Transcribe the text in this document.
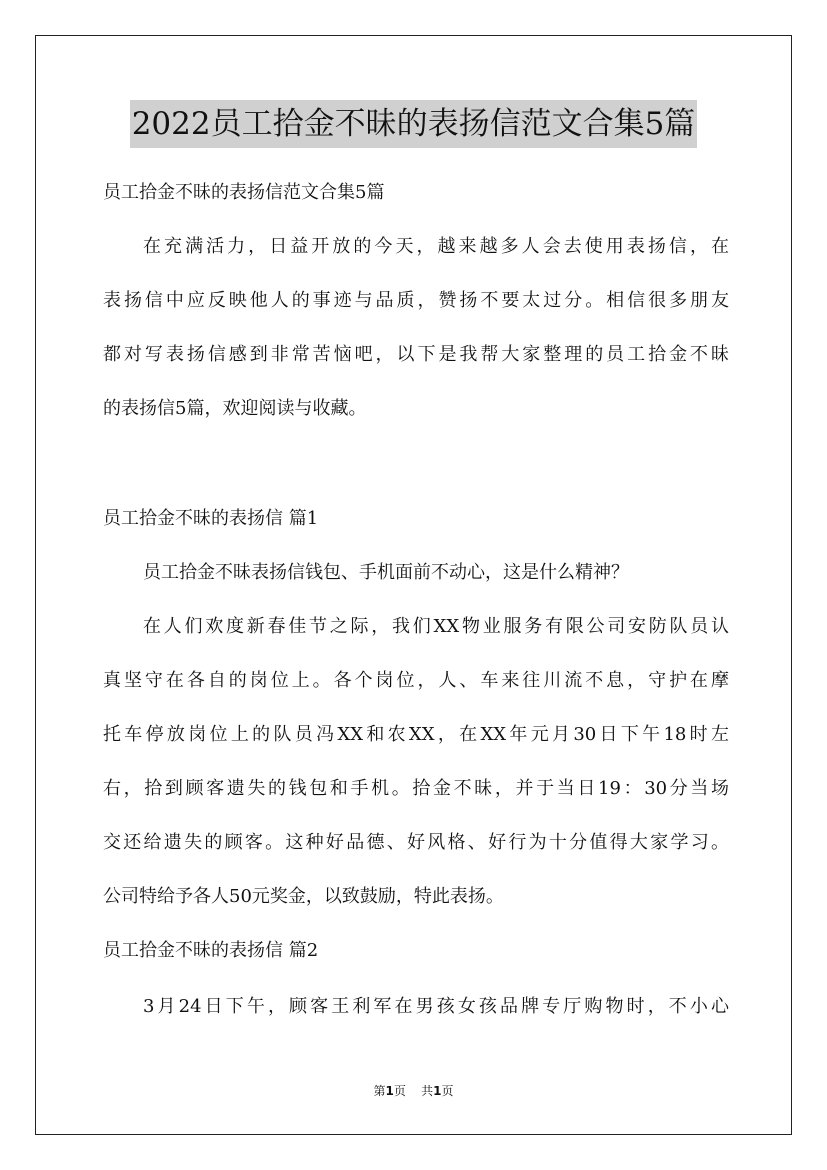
2022员工拾金不昧的表扬信范文合集5篇

员工拾金不昧的表扬信范文合集5篇

在充满活力，日益开放的今天，越来越多人会去使用表扬信，在
表扬信中应反映他人的事迹与品质，赞扬不要太过分。相信很多朋友
都对写表扬信感到非常苦恼吧，以下是我帮大家整理的员工拾金不昧
的表扬信5篇，欢迎阅读与收藏。

员工拾金不昧的表扬信 篇1

员工拾金不昧表扬信钱包、手机面前不动心，这是什么精神？

在人们欢度新春佳节之际，我们XX物业服务有限公司安防队员认
真坚守在各自的岗位上。各个岗位，人、车来往川流不息，守护在摩
托车停放岗位上的队员冯XX和农XX，在XX年元月30日下午18时左
右，拾到顾客遗失的钱包和手机。拾金不昧，并于当日19：30分当场
交还给遗失的顾客。这种好品德、好风格、好行为十分值得大家学习。
公司特给予各人50元奖金，以致鼓励，特此表扬。

员工拾金不昧的表扬信 篇2

3月24日下午，顾客王利军在男孩女孩品牌专厅购物时，不小心

第1页 共1页
